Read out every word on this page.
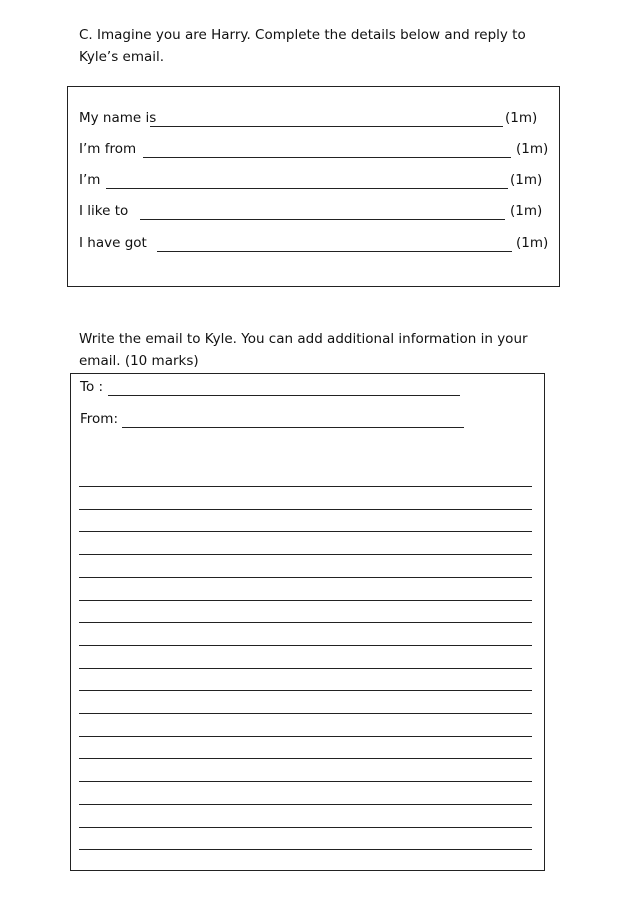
C. Imagine you are Harry. Complete the details below and reply to
Kyle’s email.
My name is	(1m)
I’m from	(1m)
I’m	(1m)
I like to	(1m)
I have got	(1m)
Write the email to Kyle. You can add additional information in your
email. (10 marks)
To :
From:
